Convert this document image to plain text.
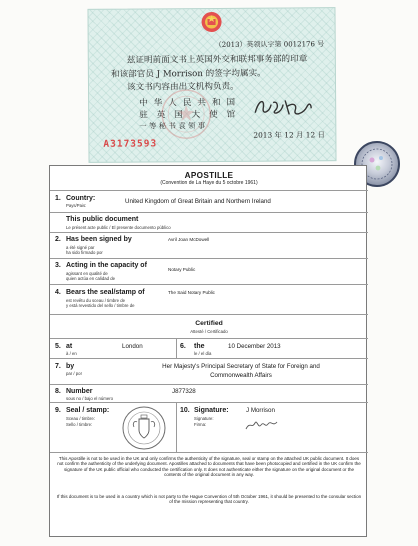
（2013）英领认字第 0012176 号
兹证明前面文书上英国外交和联邦事务部的印章
和该部官员 J Morrison 的签字均属实。
该文书内容由出文机构负责。
中 华 人 民 共 和 国
驻 英 国 大 使 馆
一 等 秘 书 袁 领 事
2013 年 12 月 12 日
A3173593
APOSTILLE
(Convention de La Haye du 5 octobre 1961)
1. Country:
Pays/Pais:
United Kingdom of Great Britain and Northern Ireland
This public document
Le présent acte public / El presente documento público
2. Has been signed by
a été signé par
ha sido firmado por
Avril Joan McDowell
3. Acting in the capacity of
agissant en qualité de
quien actúa en calidad de
Notary Public
4. Bears the seal/stamp of
est revêtu du sceau / timbre de
y está revestido del sello / timbre de
The Said Notary Public
Certified
Attesté / Certificado
5. at
à / en
London	6. the
le / el día
10 December 2013
7. by
par / por
Her Majesty's Principal Secretary of State for Foreign and
Commonwealth Affairs
8. Number
sous no / bajo el número
J877328
9. Seal / stamp:
Sceau / timbre:
Sello / timbre:
10. Signature:	J Morrison
Signature:
Firma:
This Apostille is not to be used in the UK and only confirms the authenticity of the signature, seal or stamp on the attached UK public document. It does not confirm the authenticity of the underlying document. Apostilles attached to documents that have been photocopied and certified in the UK confirm the signature of the UK public official who conducted the certification only. It does not authenticate either the signature on the original document or the contents of the original document in any way.
If this document is to be used in a country which is not party to the Hague Convention of 5th October 1961, it should be presented to the consular section of the mission representing that country.
